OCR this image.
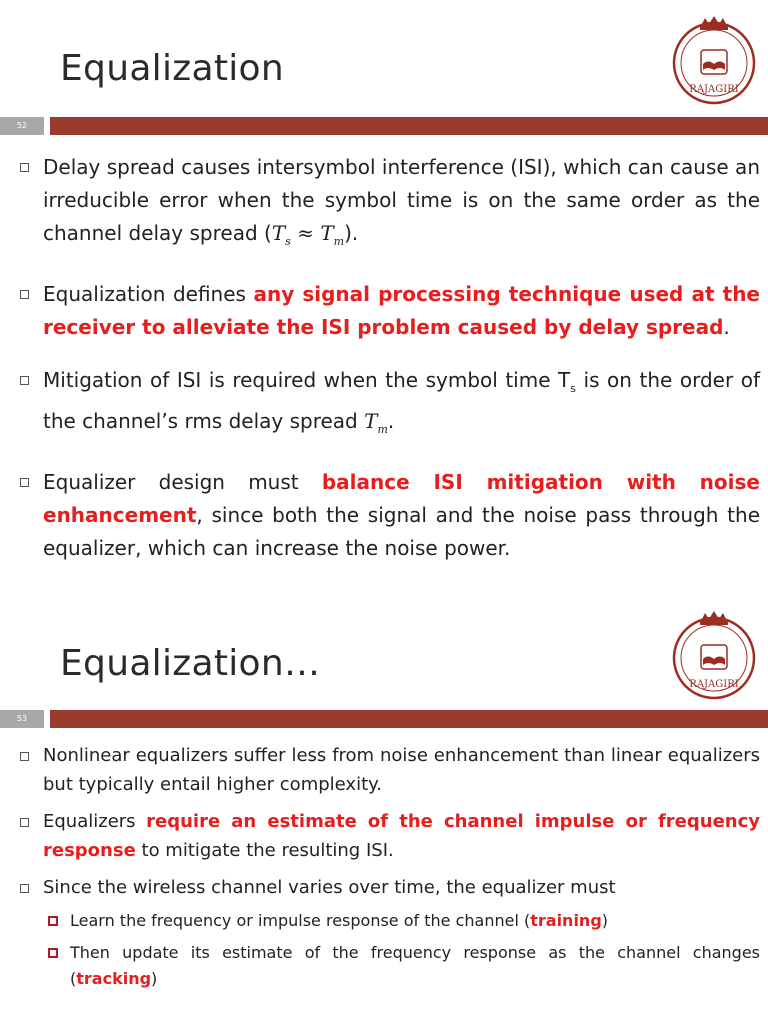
Equalization
RAJAGIRI
52
Delay spread causes intersymbol interference (ISI), which can cause an irreducible error when the symbol time is on the same order as the channel delay spread $(T_s \approx T_m)$.
Equalization defines any signal processing technique used at the receiver to alleviate the ISI problem caused by delay spread.
Mitigation of ISI is required when the symbol time $T_s$ is on the order of the channel’s rms delay spread $T_m$.
Equalizer design must balance ISI mitigation with noise enhancement, since both the signal and the noise pass through the equalizer, which can increase the noise power.
Equalization…
RAJAGIRI
53
Nonlinear equalizers suffer less from noise enhancement than linear equalizers but typically entail higher complexity.
Equalizers require an estimate of the channel impulse or frequency response to mitigate the resulting ISI.
Since the wireless channel varies over time, the equalizer must
Learn the frequency or impulse response of the channel (training)
Then update its estimate of the frequency response as the channel changes (tracking)
